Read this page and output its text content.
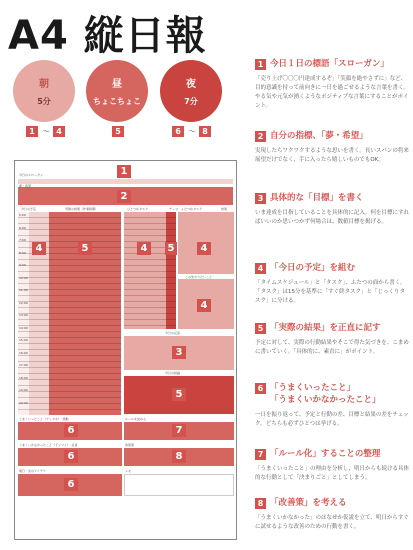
A4 縦日報
朝
5分
昼
ちょこちょこ
夜
7分
1 〜 4	5	6 〜 8
1
今日のスローガン
夢・希望
2
今日の予定	実際の結果（作業時間）	ひとつめタスク	テーマ ふたつめタスク	結果
5:00
6:00
7:00
8:00
9:00
10:00
11:00
12:00
13:00
14:00
15:00
16:00
17:00
18:00
19:00
20:00
4	5	4	5	4
この先やりたいこと
4
今日の反省
3
今日の結論
5
うまくいったこと（ヤッタネ）・感動
6
ルールを決める
7
うまくいかなかったこと（ドンマイ）・反省
6
改善策
8
明日・次のアイデア
6
メモ
1 今日１日の標語「スローガン」
「売り上げ〇〇〇円達成するぞ」「笑顔を絶やさずに」など、目的意識を持って前向きに一日を過ごせるような言葉を書く。やる気や元気が湧くようなポジティブな言葉にすることがポイント。
2 自分の指標、「夢・希望」
実現したらワクワクするような思いを書く。長いスパンの将来展望だけでなく、手に入ったら嬉しいものでもOK。
3 具体的な「目標」を書く
いま達成を目指していることを具体的に記入。何を目標にすればいいのか思いつかず何場合は、数値目標を掲げる。
4 「今日の予定」を組む
「タイムスケジュール」と「タスク」、ふたつの面から書く。「タスク」は15分を基準に「すぐ終タスク」と「じっくりタスク」に分ける。
5 「実際の結果」を正直に記す
予定に対して、実際の行動結果やそこで得た気づきを、こまめに書いていく。「具体的に、素直に」がポイント。
6 「うまくいったこと」
「うまくいかなかったこと」
一日を振り返って、予定と行動の差、目標と結果の差をチェック。どちらも必ずひとつは挙げる。
7 「ルール化」することの整理
「うまくいったこと」の理由を分析し、明日からも続ける具体的な行動として「決まりごと」としてしまう。
8 「改善策」を考える
「うまくいかなかった」のはなぜか仮説を立て、明日からすぐに試せるような改善のための行動を書く。
